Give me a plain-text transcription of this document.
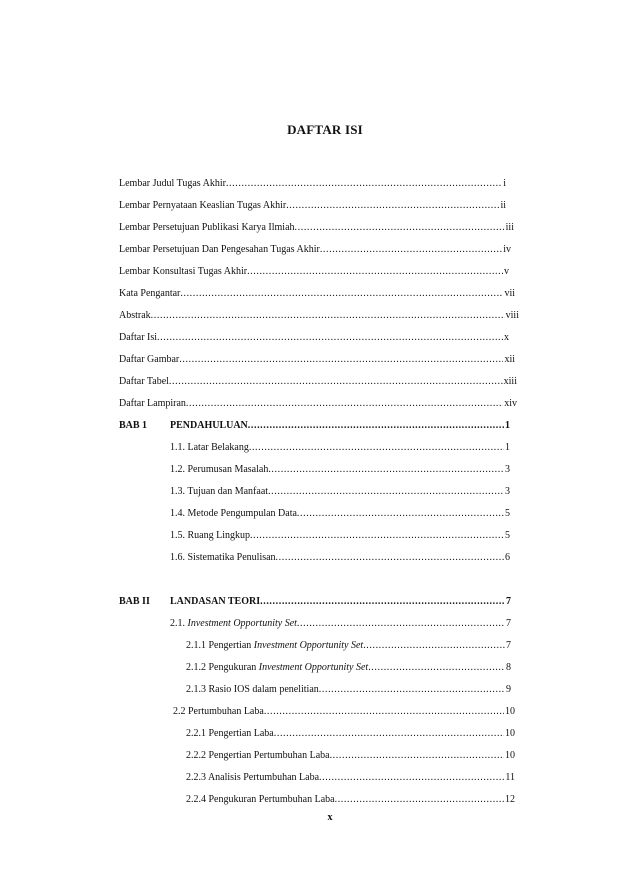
DAFTAR ISI
Lembar Judul Tugas Akhir .....	i
Lembar Pernyataan Keaslian Tugas Akhir .....	ii
Lembar Persetujuan Publikasi Karya Ilmiah .....	iii
Lembar Persetujuan Dan Pengesahan Tugas Akhir .....	iv
Lembar Konsultasi Tugas Akhir .....	v
Kata Pengantar .....	vii
Abstrak .....	viii
Daftar Isi .....	x
Daftar Gambar .....	xii
Daftar Tabel .....	xiii
Daftar Lampiran .....	xiv
BAB 1 PENDAHULUAN .....	1
1.1. Latar Belakang .....	1
1.2. Perumusan Masalah .....	3
1.3. Tujuan dan Manfaat .....	3
1.4. Metode Pengumpulan Data .....	5
1.5. Ruang Lingkup .....	5
1.6. Sistematika Penulisan .....	6
BAB II LANDASAN TEORI .....	7
2.1. Investment Opportunity Set .....	7
2.1.1 Pengertian Investment Opportunity Set .....	7
2.1.2 Pengukuran Investment Opportunity Set .....	8
2.1.3 Rasio IOS dalam penelitian .....	9
2.2 Pertumbuhan Laba .....	10
2.2.1 Pengertian Laba .....	10
2.2.2 Pengertian Pertumbuhan Laba .....	10
2.2.3 Analisis Pertumbuhan Laba .....	11
2.2.4 Pengukuran Pertumbuhan Laba .....	12
x
